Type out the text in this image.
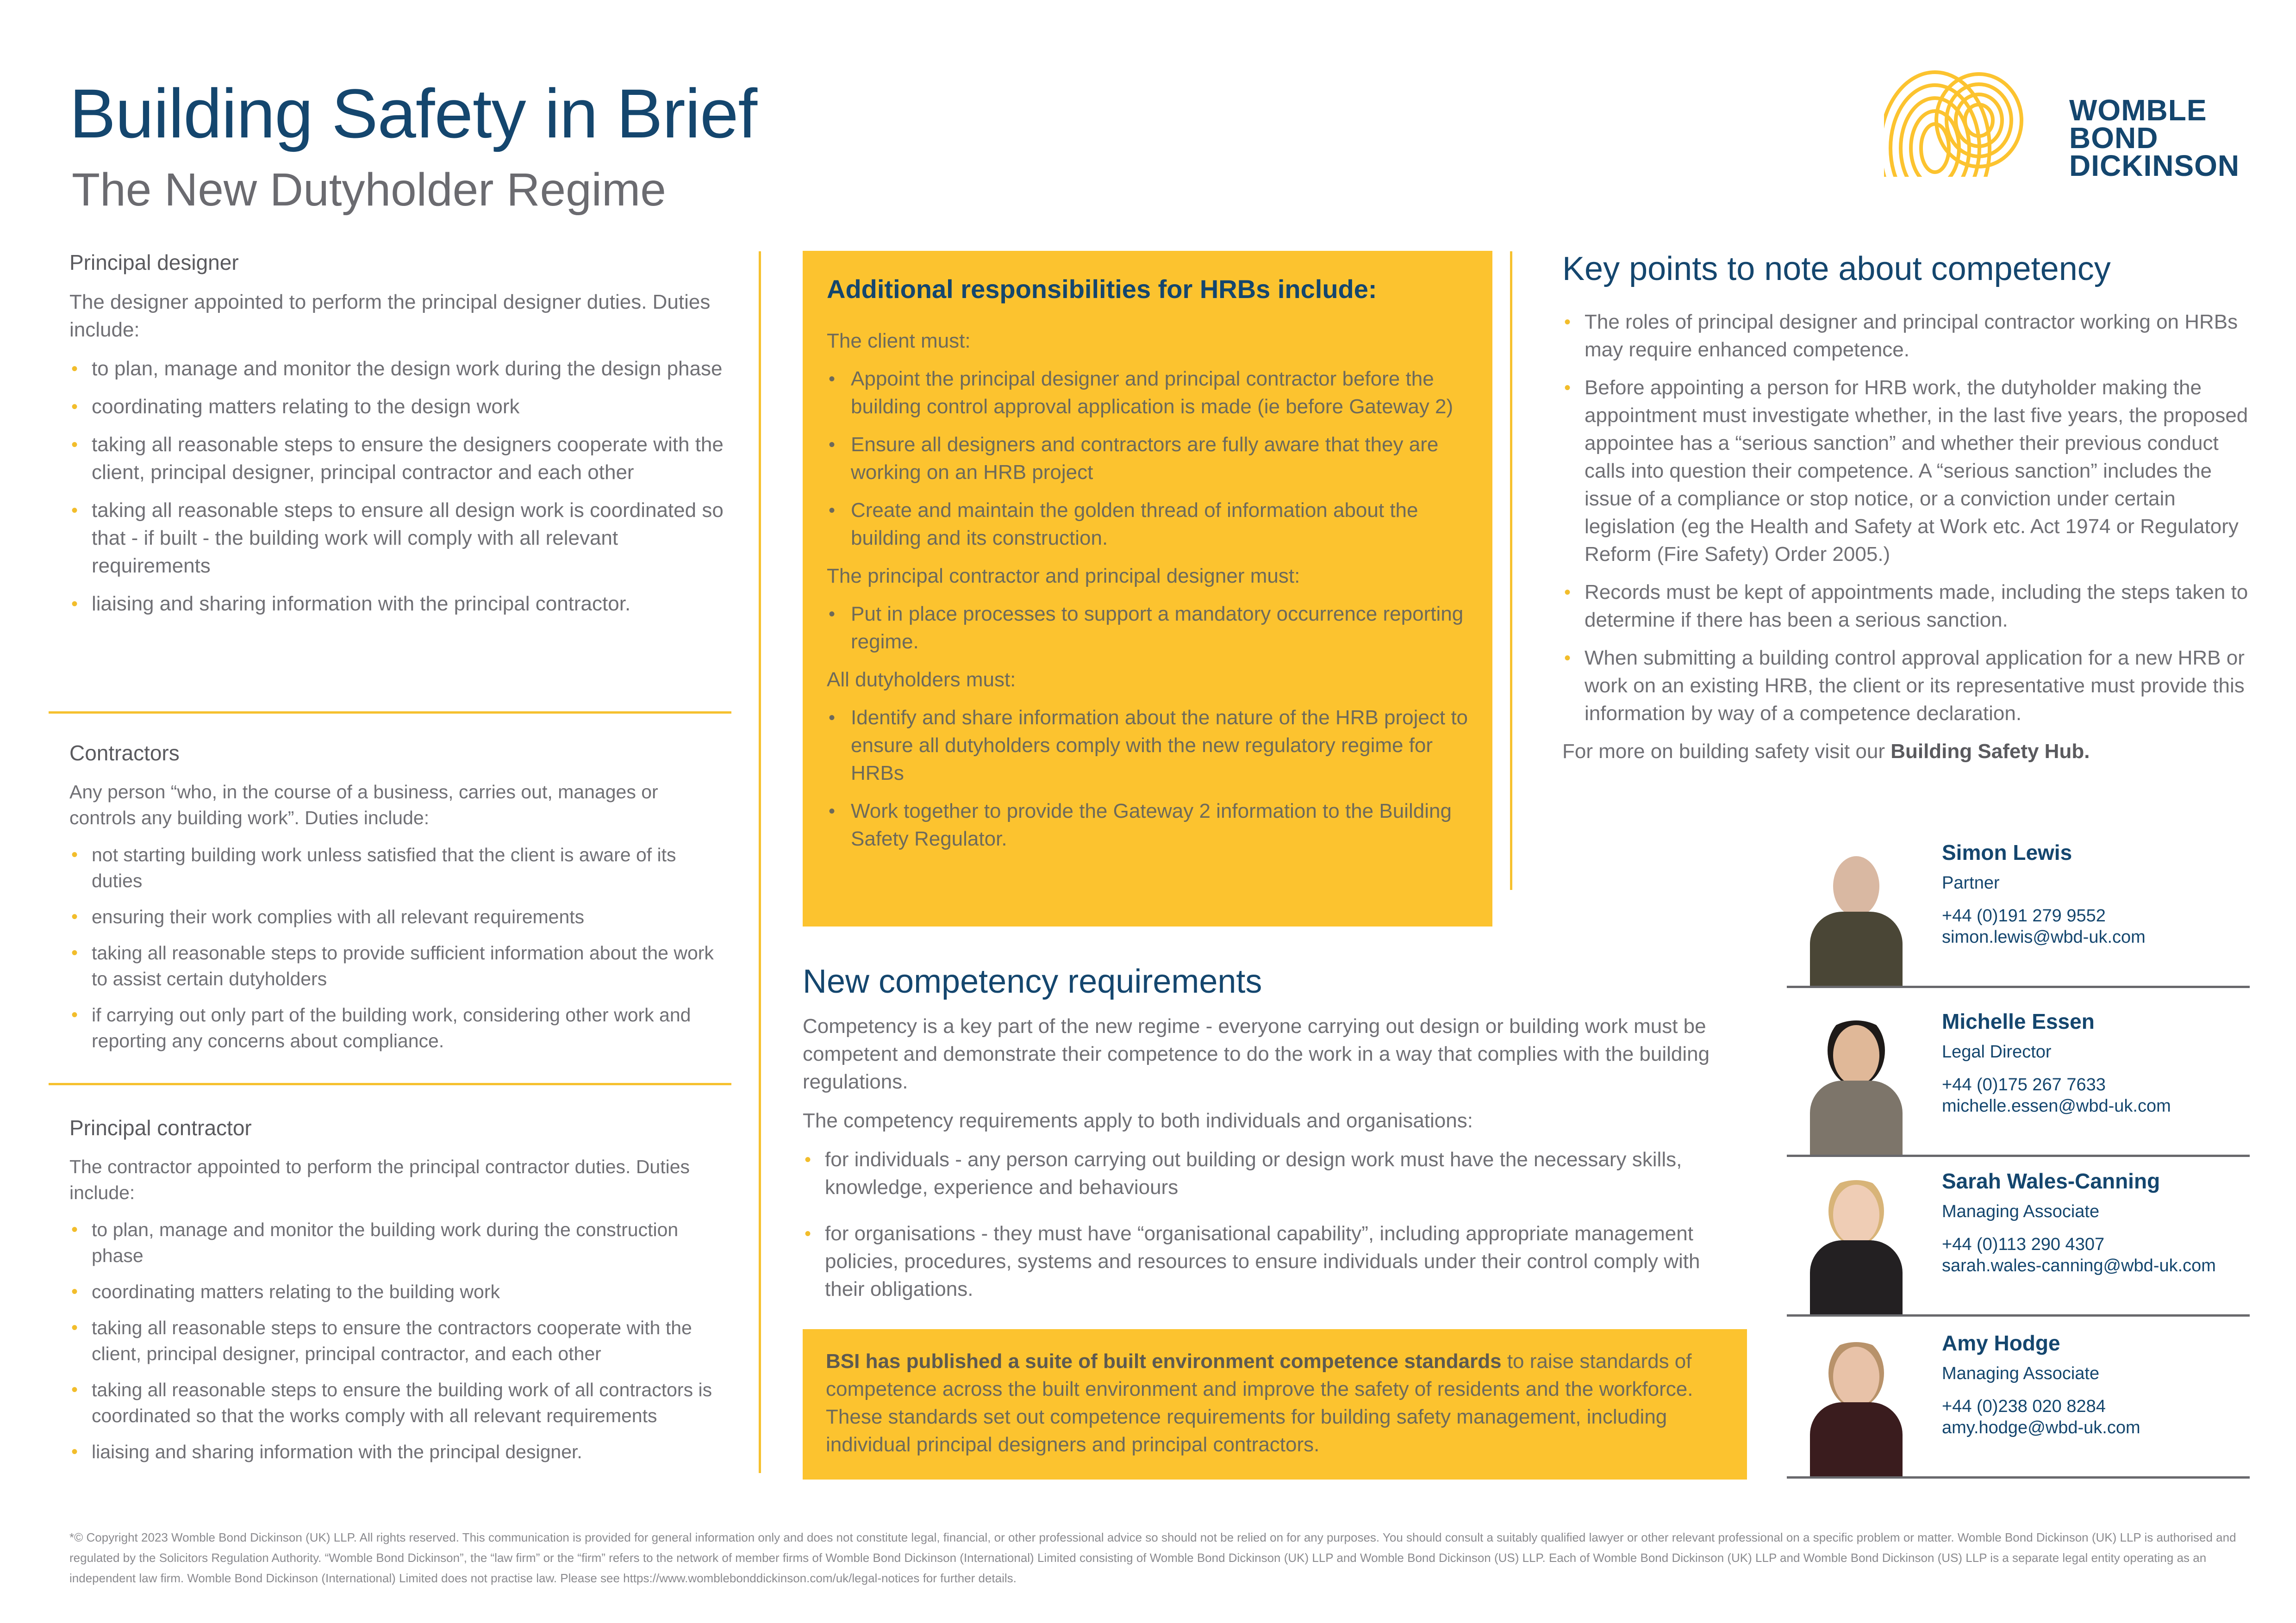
Building Safety in Brief
The New Dutyholder Regime
WOMBLE
BOND
DICKINSON
Principal designer

The designer appointed to perform the principal designer duties. Duties include:

• to plan, manage and monitor the design work during the design phase
• coordinating matters relating to the design work
• taking all reasonable steps to ensure the designers cooperate with the client, principal designer, principal contractor and each other
• taking all reasonable steps to ensure all design work is coordinated so that - if built - the building work will comply with all relevant requirements
• liaising and sharing information with the principal contractor.
Contractors

Any person “who, in the course of a business, carries out, manages or controls any building work”. Duties include:

• not starting building work unless satisfied that the client is aware of its duties
• ensuring their work complies with all relevant requirements
• taking all reasonable steps to provide sufficient information about the work to assist certain dutyholders
• if carrying out only part of the building work, considering other work and reporting any concerns about compliance.
Principal contractor

The contractor appointed to perform the principal contractor duties. Duties include:

• to plan, manage and monitor the building work during the construction phase
• coordinating matters relating to the building work
• taking all reasonable steps to ensure the contractors cooperate with the client, principal designer, principal contractor, and each other
• taking all reasonable steps to ensure the building work of all contractors is coordinated so that the works comply with all relevant requirements
• liaising and sharing information with the principal designer.
Additional responsibilities for HRBs include:

The client must:

• Appoint the principal designer and principal contractor before the building control approval application is made (ie before Gateway 2)
• Ensure all designers and contractors are fully aware that they are working on an HRB project
• Create and maintain the golden thread of information about the building and its construction.

The principal contractor and principal designer must:

• Put in place processes to support a mandatory occurrence reporting regime.

All dutyholders must:

• Identify and share information about the nature of the HRB project to ensure all dutyholders comply with the new regulatory regime for HRBs
• Work together to provide the Gateway 2 information to the Building Safety Regulator.
New competency requirements

Competency is a key part of the new regime - everyone carrying out design or building work must be competent and demonstrate their competence to do the work in a way that complies with the building regulations.

The competency requirements apply to both individuals and organisations:

• for individuals - any person carrying out building or design work must have the necessary skills, knowledge, experience and behaviours
• for organisations - they must have “organisational capability”, including appropriate management policies, procedures, systems and resources to ensure individuals under their control comply with their obligations.

BSI has published a suite of built environment competence standards to raise standards of competence across the built environment and improve the safety of residents and the workforce. These standards set out competence requirements for building safety management, including individual principal designers and principal contractors.

Key points to note about competency
• The roles of principal designer and principal contractor working on HRBs may require enhanced competence.
• Before appointing a person for HRB work, the dutyholder making the appointment must investigate whether, in the last five years, the proposed appointee has a “serious sanction” and whether their previous conduct calls into question their competence. A “serious sanction” includes the issue of a compliance or stop notice, or a conviction under certain legislation (eg the Health and Safety at Work etc. Act 1974 or Regulatory Reform (Fire Safety) Order 2005.)
• Records must be kept of appointments made, including the steps taken to determine if there has been a serious sanction.
• When submitting a building control approval application for a new HRB or work on an existing HRB, the client or its representative must provide this information by way of a competence declaration.

For more on building safety visit our Building Safety Hub.

Simon Lewis

Partner

+44 (0)191 279 9552

simon.lewis@wbd-uk.com

Michelle Essen

Legal Director

+44 (0)175 267 7633

michelle.essen@wbd-uk.com

Sarah Wales-Canning

Managing Associate

+44 (0)113 290 4307

sarah.wales-canning@wbd-uk.com

Amy Hodge

Managing Associate

+44 (0)238 020 8284

amy.hodge@wbd-uk.com

*© Copyright 2023 Womble Bond Dickinson (UK) LLP. All rights reserved. This communication is provided for general information only and does not constitute legal, financial, or other professional advice so should not be relied on for any purposes. You should consult a suitably qualified lawyer or other relevant professional on a specific problem or matter. Womble Bond Dickinson (UK) LLP is authorised and regulated by the Solicitors Regulation Authority. “Womble Bond Dickinson”, the “law firm” or the “firm” refers to the network of member firms of Womble Bond Dickinson (International) Limited consisting of Womble Bond Dickinson (UK) LLP and Womble Bond Dickinson (US) LLP. Each of Womble Bond Dickinson (UK) LLP and Womble Bond Dickinson (US) LLP is a separate legal entity operating as an independent law firm. Womble Bond Dickinson (International) Limited does not practise law. Please see https://www.womblebonddickinson.com/uk/legal-notices for further details.
